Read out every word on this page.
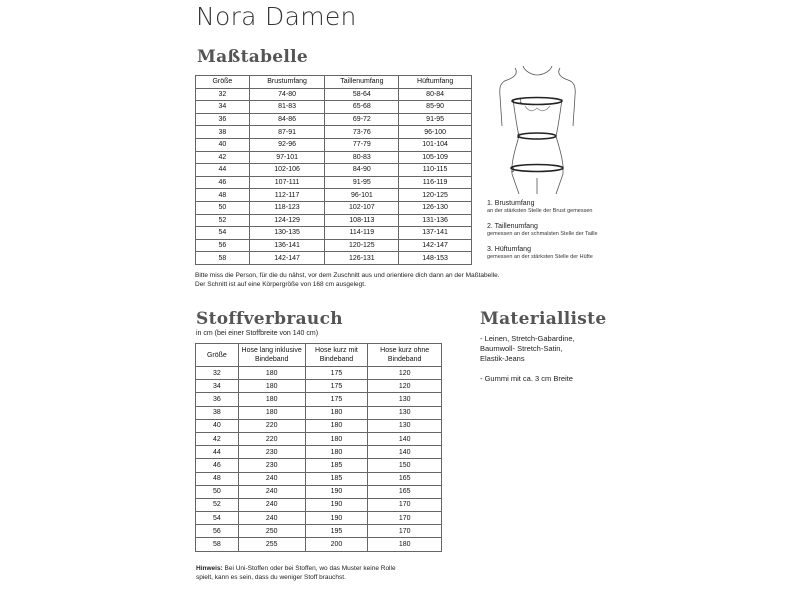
Nora Damen
Maßtabelle
Größe	Brustumfang	Taillenumfang	Hüftumfang
32	74-80	58-64	80-84
34	81-83	65-68	85-90
36	84-86	69-72	91-95
38	87-91	73-76	96-100
40	92-96	77-79	101-104
42	97-101	80-83	105-109
44	102-106	84-90	110-115
46	107-111	91-95	116-119
48	112-117	96-101	120-125
50	118-123	102-107	126-130
52	124-129	108-113	131-136
54	130-135	114-119	137-141
56	136-141	120-125	142-147
58	142-147	126-131	148-153
Bitte miss die Person, für die du nähst, vor dem Zuschnitt aus und orientiere dich dann an der Maßtabelle.
Der Schnitt ist auf eine Körpergröße von 168 cm ausgelegt.
1
2
3
1. Brustumfang
an der stärksten Stelle der Brust gemessen
2. Taillenumfang
gemessen an der schmalsten Stelle der Taille
3. Hüftumfang
gemessen an der stärksten Stelle der Hüfte
Stoffverbrauch
in cm (bei einer Stoffbreite von 140 cm)
Größe	Hose lang inklusive Bindeband	Hose kurz mit Bindeband	Hose kurz ohne Bindeband
32	180	175	120
34	180	175	120
36	180	175	130
38	180	180	130
40	220	180	130
42	220	180	140
44	230	180	140
46	230	185	150
48	240	185	165
50	240	190	165
52	240	190	170
54	240	190	170
56	250	195	170
58	255	200	180
Hinweis: Bei Uni-Stoffen oder bei Stoffen, wo das Muster keine Rolle
spielt, kann es sein, dass du weniger Stoff brauchst.
Materialliste
- Leinen, Stretch-Gabardine,
Baumwoll- Stretch-Satin,
Elastik-Jeans
- Gummi mit ca. 3 cm Breite
